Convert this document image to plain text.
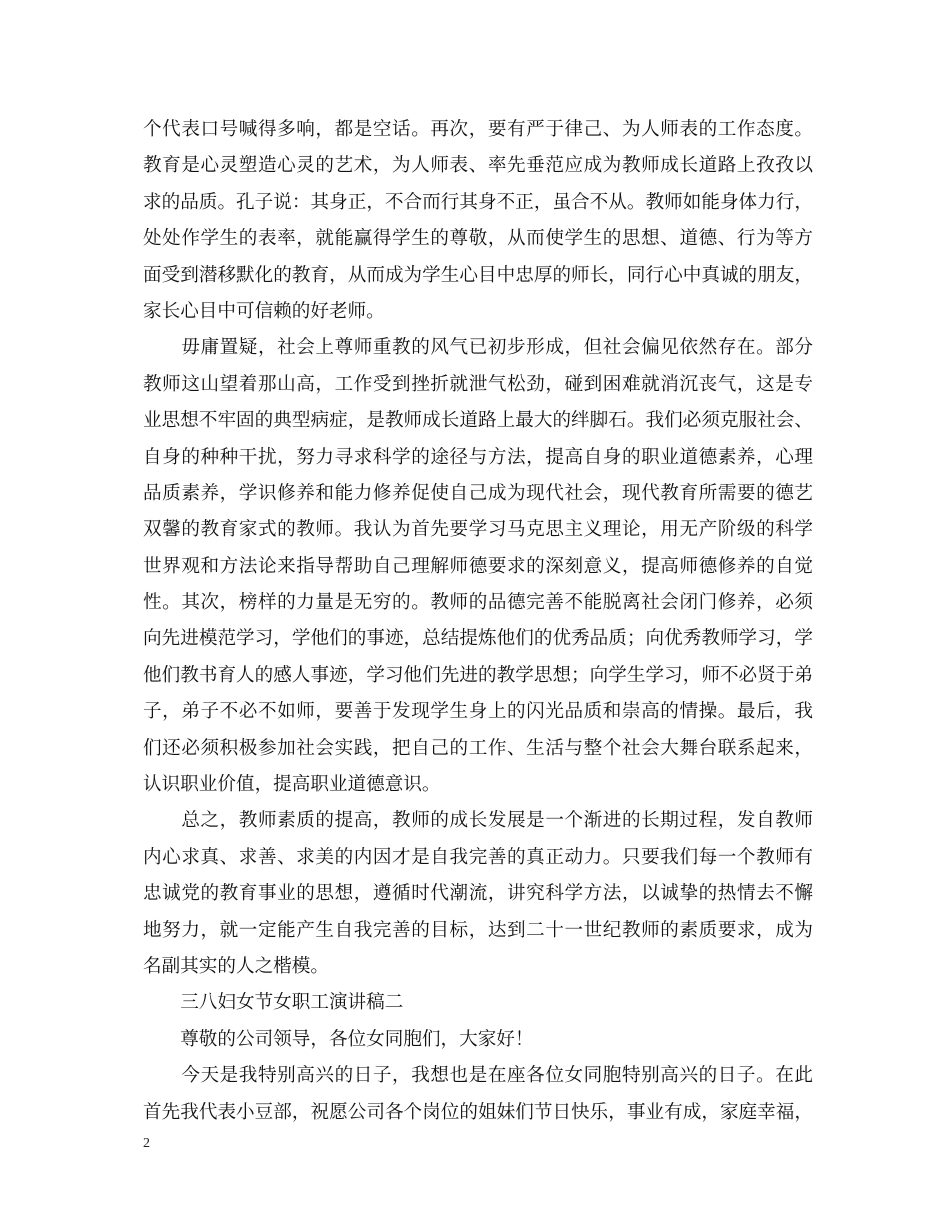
个代表口号喊得多响，都是空话。再次，要有严于律己、为人师表的工作态度。
教育是心灵塑造心灵的艺术，为人师表、率先垂范应成为教师成长道路上孜孜以
求的品质。孔子说：其身正，不合而行其身不正，虽合不从。教师如能身体力行，
处处作学生的表率，就能赢得学生的尊敬，从而使学生的思想、道德、行为等方
面受到潜移默化的教育，从而成为学生心目中忠厚的师长，同行心中真诚的朋友，
家长心目中可信赖的好老师。
　　毋庸置疑，社会上尊师重教的风气已初步形成，但社会偏见依然存在。部分
教师这山望着那山高，工作受到挫折就泄气松劲，碰到困难就消沉丧气，这是专
业思想不牢固的典型病症，是教师成长道路上最大的绊脚石。我们必须克服社会、
自身的种种干扰，努力寻求科学的途径与方法，提高自身的职业道德素养，心理
品质素养，学识修养和能力修养促使自己成为现代社会，现代教育所需要的德艺
双馨的教育家式的教师。我认为首先要学习马克思主义理论，用无产阶级的科学
世界观和方法论来指导帮助自己理解师德要求的深刻意义，提高师德修养的自觉
性。其次，榜样的力量是无穷的。教师的品德完善不能脱离社会闭门修养，必须
向先进模范学习，学他们的事迹，总结提炼他们的优秀品质；向优秀教师学习，学
他们教书育人的感人事迹，学习他们先进的教学思想；向学生学习，师不必贤于弟
子，弟子不必不如师，要善于发现学生身上的闪光品质和崇高的情操。最后，我
们还必须积极参加社会实践，把自己的工作、生活与整个社会大舞台联系起来，
认识职业价值，提高职业道德意识。
　　总之，教师素质的提高，教师的成长发展是一个渐进的长期过程，发自教师
内心求真、求善、求美的内因才是自我完善的真正动力。只要我们每一个教师有
忠诚党的教育事业的思想，遵循时代潮流，讲究科学方法，以诚挚的热情去不懈
地努力，就一定能产生自我完善的目标，达到二十一世纪教师的素质要求，成为
名副其实的人之楷模。
　　三八妇女节女职工演讲稿二
　　尊敬的公司领导，各位女同胞们，大家好！
　　今天是我特别高兴的日子，我想也是在座各位女同胞特别高兴的日子。在此
首先我代表小豆部，祝愿公司各个岗位的姐妹们节日快乐，事业有成，家庭幸福，
2
